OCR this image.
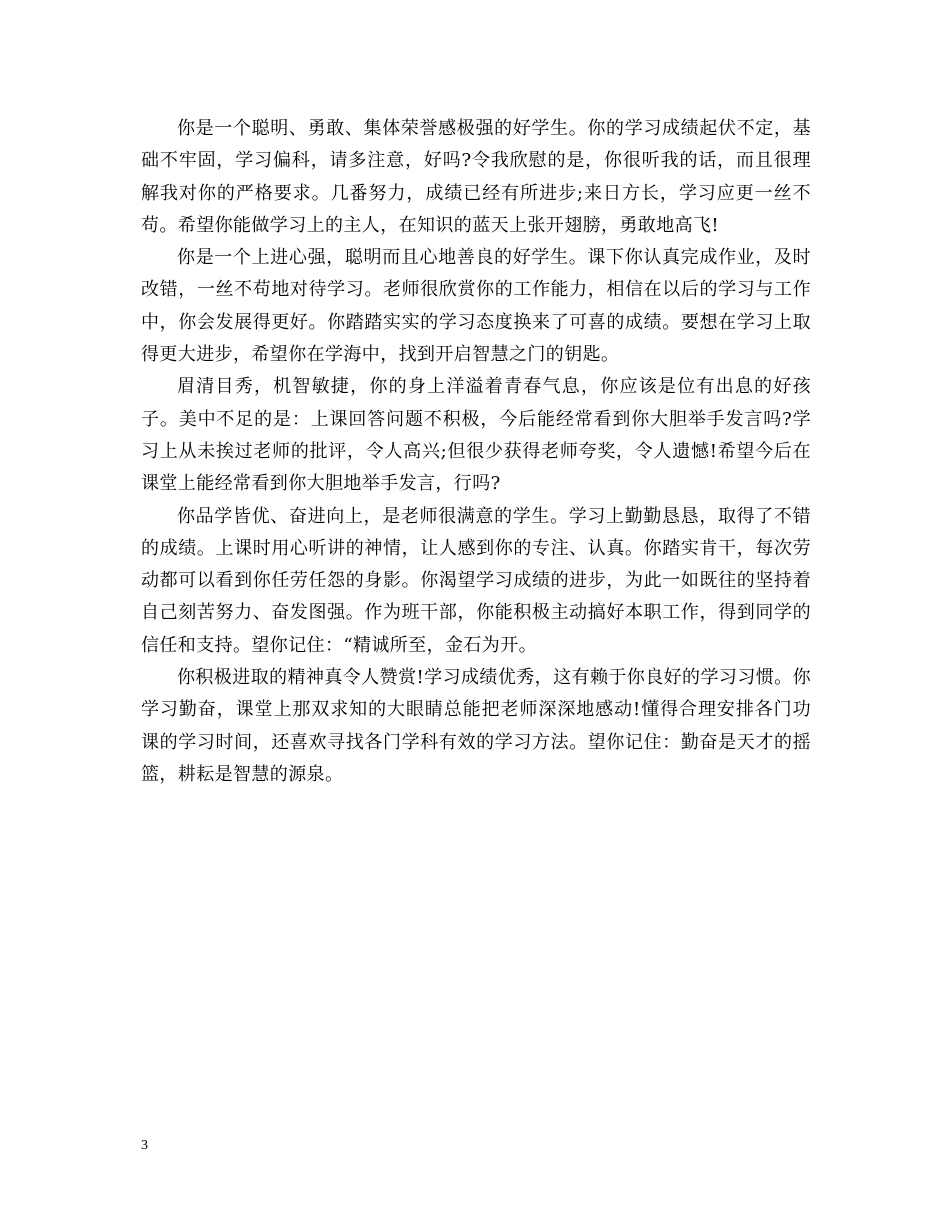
你是一个聪明、勇敢、集体荣誉感极强的好学生。你的学习成绩起伏不定，基础不牢固，学习偏科，请多注意，好吗?令我欣慰的是，你很听我的话，而且很理解我对你的严格要求。几番努力，成绩已经有所进步;来日方长，学习应更一丝不苟。希望你能做学习上的主人，在知识的蓝天上张开翅膀，勇敢地高飞!

你是一个上进心强，聪明而且心地善良的好学生。课下你认真完成作业，及时改错，一丝不苟地对待学习。老师很欣赏你的工作能力，相信在以后的学习与工作中，你会发展得更好。你踏踏实实的学习态度换来了可喜的成绩。要想在学习上取得更大进步，希望你在学海中，找到开启智慧之门的钥匙。

眉清目秀，机智敏捷，你的身上洋溢着青春气息，你应该是位有出息的好孩子。美中不足的是：上课回答问题不积极，今后能经常看到你大胆举手发言吗?学习上从未挨过老师的批评，令人高兴;但很少获得老师夸奖，令人遗憾!希望今后在课堂上能经常看到你大胆地举手发言，行吗?

你品学皆优、奋进向上，是老师很满意的学生。学习上勤勤恳恳，取得了不错的成绩。上课时用心听讲的神情，让人感到你的专注、认真。你踏实肯干，每次劳动都可以看到你任劳任怨的身影。你渴望学习成绩的进步，为此一如既往的坚持着自己刻苦努力、奋发图强。作为班干部，你能积极主动搞好本职工作，得到同学的信任和支持。望你记住：“精诚所至，金石为开。

你积极进取的精神真令人赞赏!学习成绩优秀，这有赖于你良好的学习习惯。你学习勤奋，课堂上那双求知的大眼睛总能把老师深深地感动!懂得合理安排各门功课的学习时间，还喜欢寻找各门学科有效的学习方法。望你记住：勤奋是天才的摇篮，耕耘是智慧的源泉。

3
